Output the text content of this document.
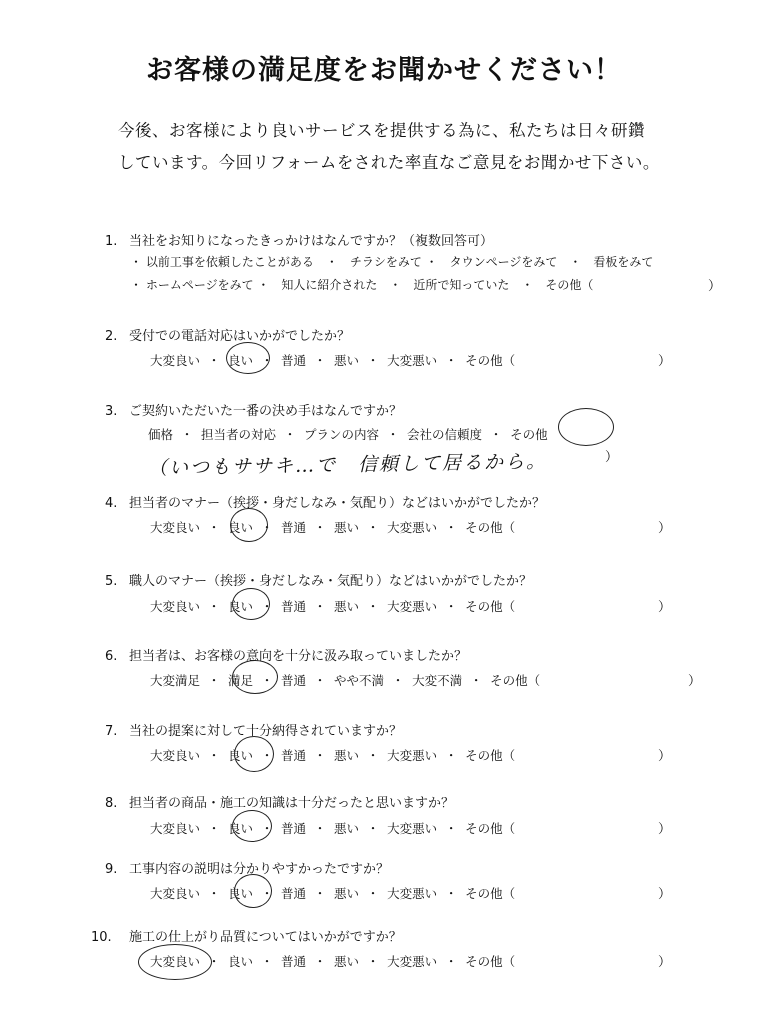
お客様の満足度をお聞かせください！

今後、お客様により良いサービスを提供する為に、私たちは日々研鑽

しています。今回リフォームをされた率直なご意見をお聞かせ下さい。

1. 当社をお知りになったきっかけはなんですか？（複数回答可）
・ 以前工事を依頼したことがある　・　チラシをみて ・　タウンページをみて　・　看板をみて
・ ホームページをみて ・　知人に紹介された　・　近所で知っていた　・　その他（	）
2. 受付での電話対応はいかがでしたか？
大変良い ・ 良い ・ 普通 ・ 悪い ・ 大変悪い ・ その他（	）
3. ご契約いただいた一番の決め手はなんですか？
価格 ・ 担当者の対応 ・ プランの内容 ・ 会社の信頼度 ・ その他
（いつもササキ…で　信頼して居るから。	）
4. 担当者のマナー（挨拶・身だしなみ・気配り）などはいかがでしたか？
大変良い ・ 良い ・ 普通 ・ 悪い ・ 大変悪い ・ その他（	）
5. 職人のマナー（挨拶・身だしなみ・気配り）などはいかがでしたか？
大変良い ・ 良い ・ 普通 ・ 悪い ・ 大変悪い ・ その他（	）
6. 担当者は、お客様の意向を十分に汲み取っていましたか？
大変満足 ・ 満足 ・ 普通 ・ やや不満 ・ 大変不満 ・ その他（	）
7. 当社の提案に対して十分納得されていますか？
大変良い ・ 良い ・ 普通 ・ 悪い ・ 大変悪い ・ その他（	）
8. 担当者の商品・施工の知識は十分だったと思いますか？
大変良い ・ 良い ・ 普通 ・ 悪い ・ 大変悪い ・ その他（	）
9. 工事内容の説明は分かりやすかったですか？
大変良い ・ 良い ・ 普通 ・ 悪い ・ 大変悪い ・ その他（	）
10. 施工の仕上がり品質についてはいかがですか？
大変良い ・ 良い ・ 普通 ・ 悪い ・ 大変悪い ・ その他（	）
